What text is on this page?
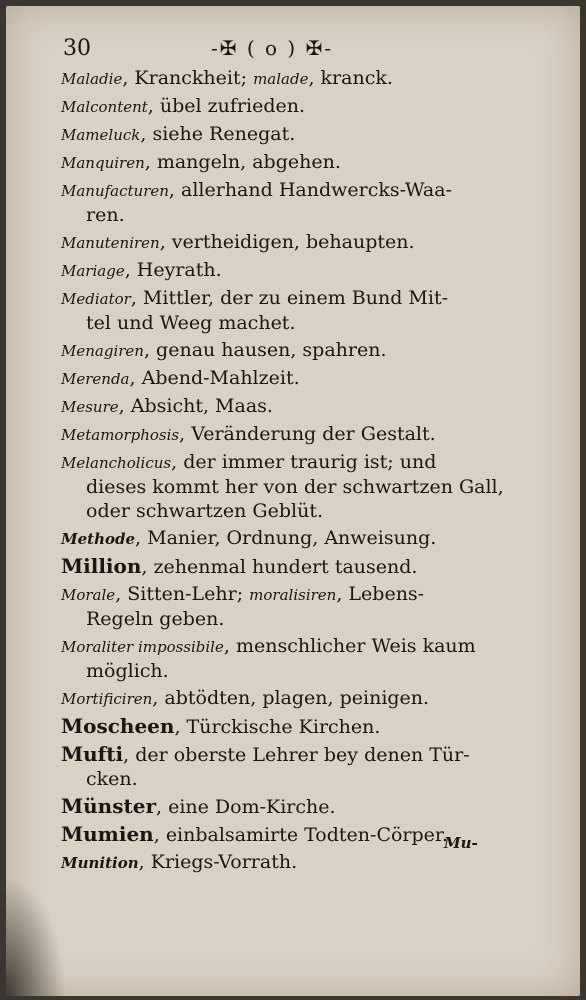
30	-✠ ( o ) ✠-
Maladie, Kranckheit; malade, kranck.
Malcontent, übel zufrieden.
Mameluck, siehe Renegat.
Manquiren, mangeln, abgehen.
Manufacturen, allerhand Handwercks-Waa-
ren.
Manuteniren, vertheidigen, behaupten.
Mariage, Heyrath.
Mediator, Mittler, der zu einem Bund Mit-
tel und Weeg machet.
Menagiren, genau hausen, spahren.
Merenda, Abend-Mahlzeit.
Mesure, Absicht, Maas.
Metamorphosis, Veränderung der Gestalt.
Melancholicus, der immer traurig ist; und
dieses kommt her von der schwartzen Gall, oder schwartzen Geblüt.
Methode, Manier, Ordnung, Anweisung.
Million, zehenmal hundert tausend.
Morale, Sitten-Lehr; moralisiren, Lebens-
Regeln geben.
Moraliter impossibile, menschlicher Weis kaum
möglich.
Mortificiren, abtödten, plagen, peinigen.
Moscheen, Türckische Kirchen.
Mufti, der oberste Lehrer bey denen Tür-
cken.
Münster, eine Dom-Kirche.
Mumien, einbalsamirte Todten-Cörper.
Munition, Kriegs-Vorrath.
Mu-
